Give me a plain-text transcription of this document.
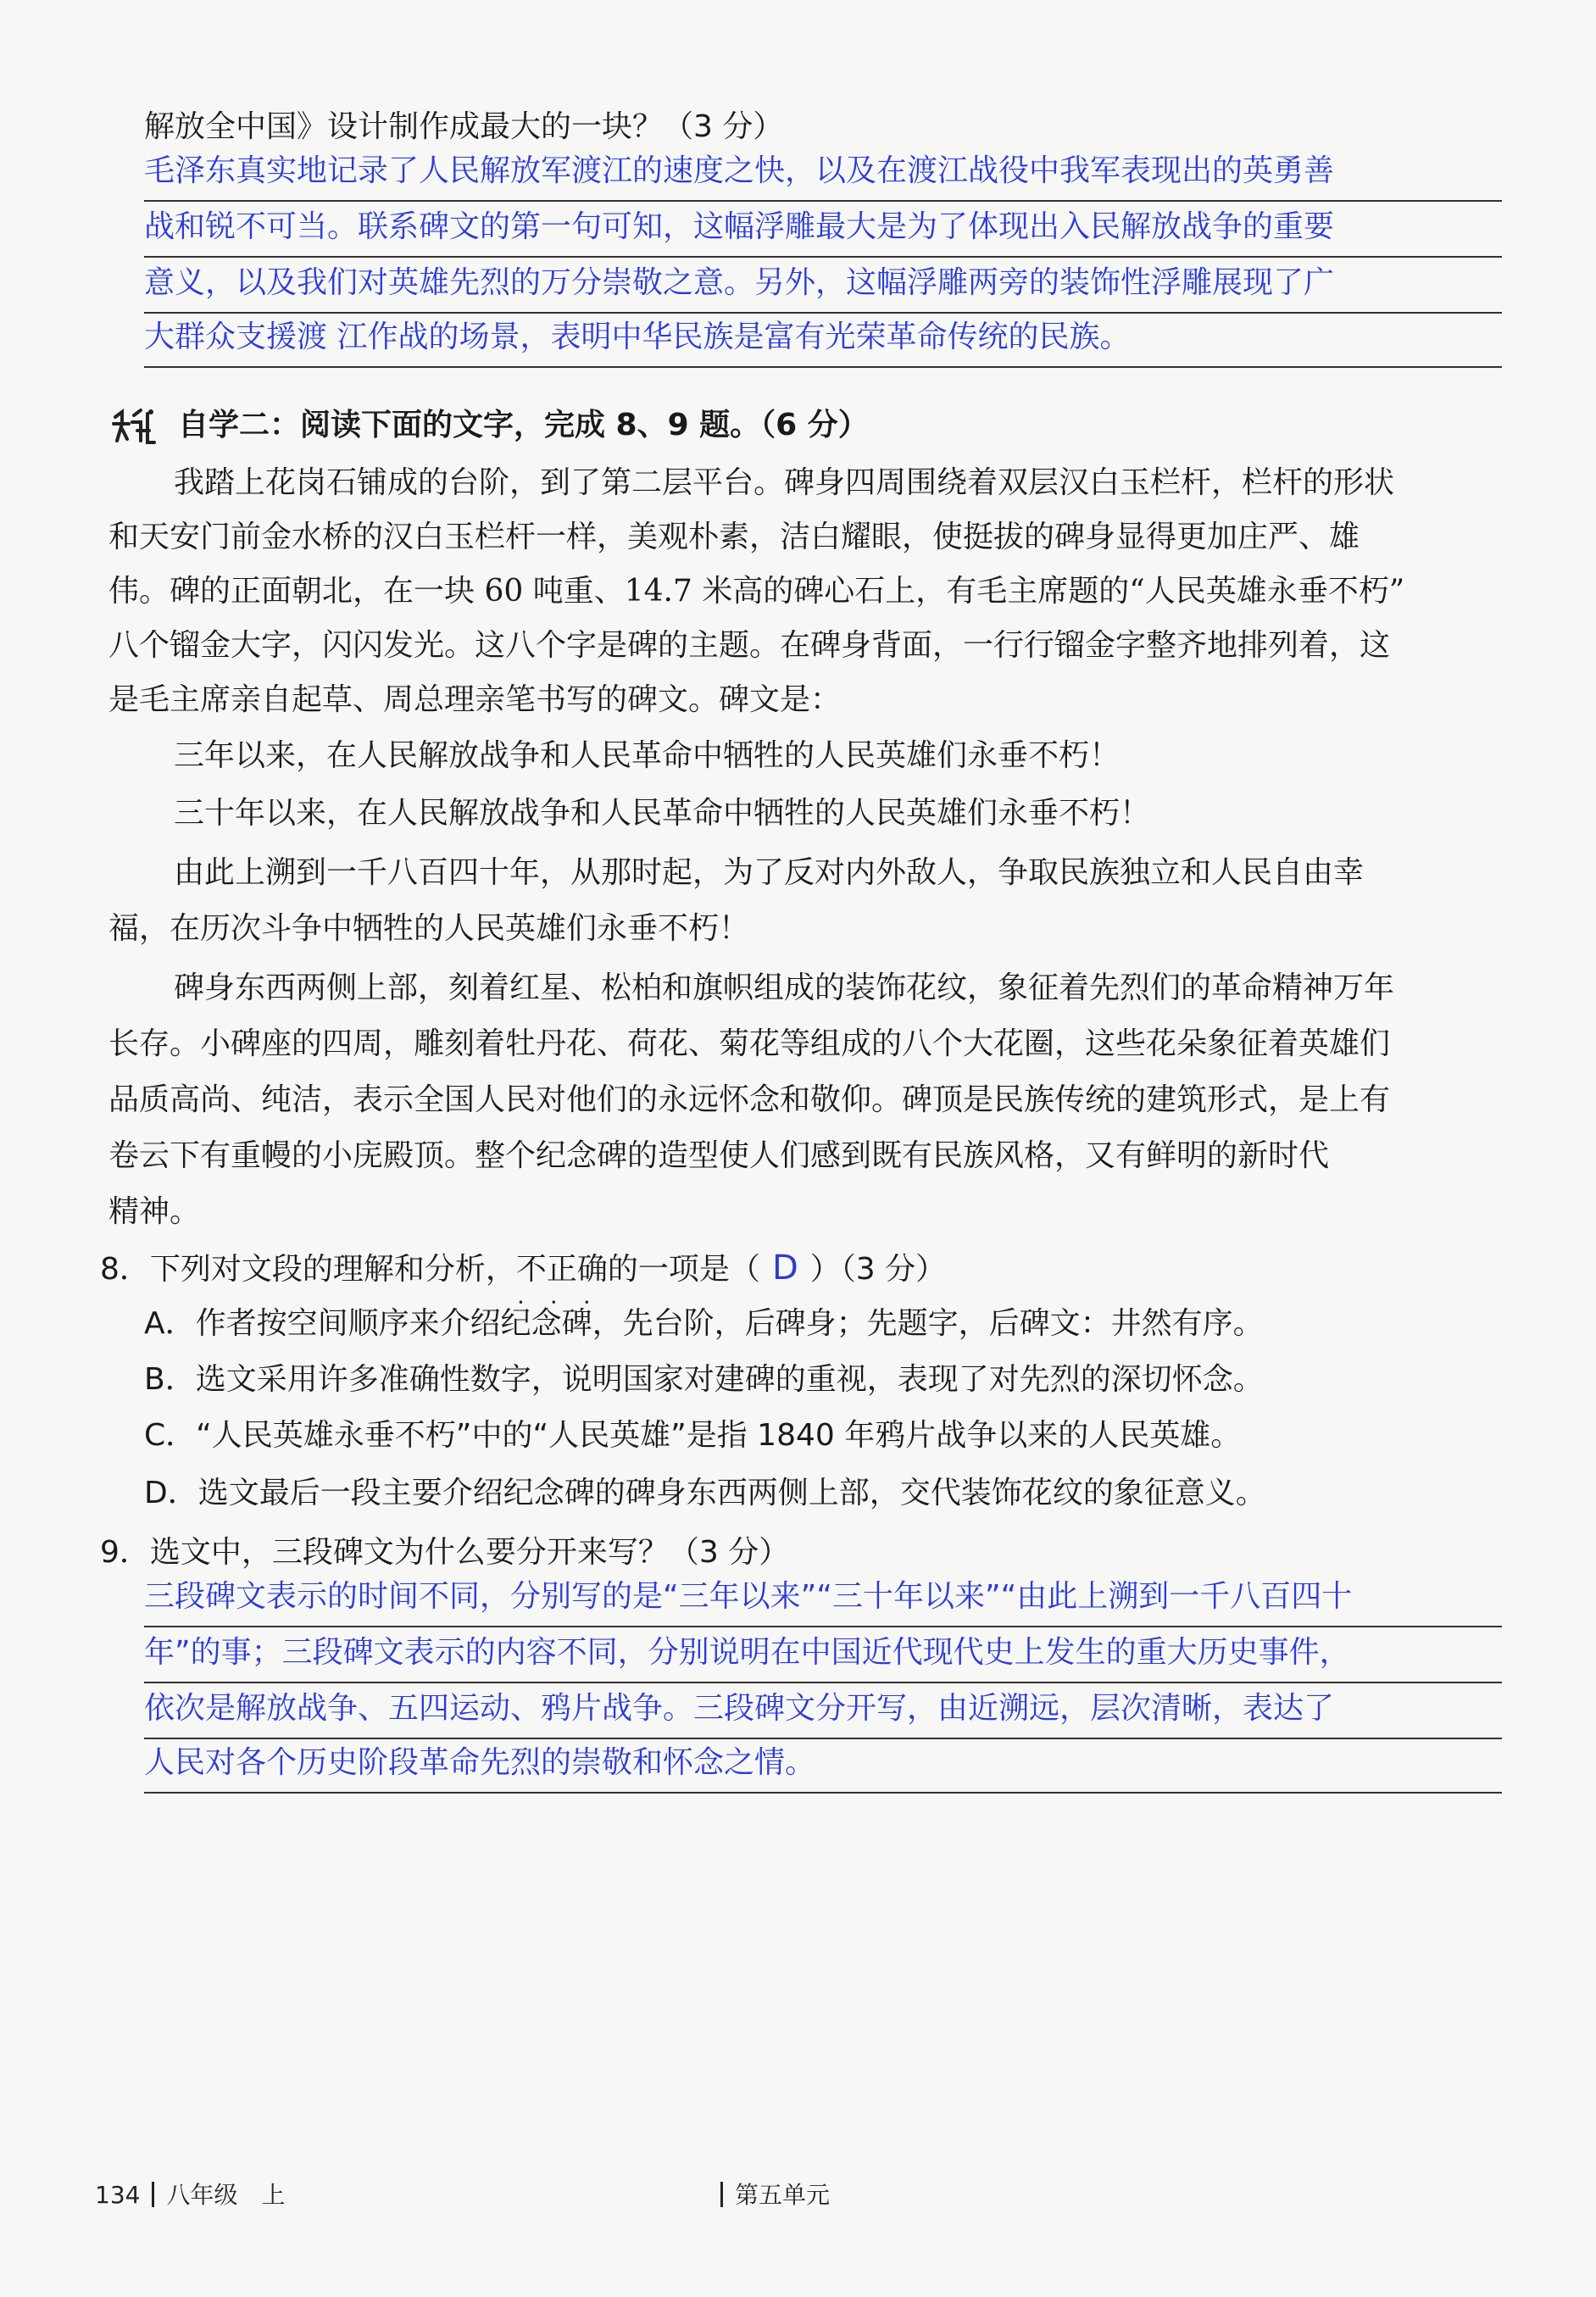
解放全中国》设计制作成最大的一块？（3 分）
毛泽东真实地记录了人民解放军渡江的速度之快，以及在渡江战役中我军表现出的英勇善
战和锐不可当。联系碑文的第一句可知，这幅浮雕最大是为了体现出入民解放战争的重要
意义，以及我们对英雄先烈的万分崇敬之意。另外，这幅浮雕两旁的装饰性浮雕展现了广
大群众支援渡 江作战的场景，表明中华民族是富有光荣革命传统的民族。
自学二：阅读下面的文字，完成 8、9 题。（6 分）
我踏上花岗石铺成的台阶，到了第二层平台。碑身四周围绕着双层汉白玉栏杆，栏杆的形状
和天安门前金水桥的汉白玉栏杆一样，美观朴素，洁白耀眼，使挺拔的碑身显得更加庄严、雄
伟。碑的正面朝北，在一块 60 吨重、14.7 米高的碑心石上，有毛主席题的“人民英雄永垂不朽”
八个镏金大字，闪闪发光。这八个字是碑的主题。在碑身背面，一行行镏金字整齐地排列着，这
是毛主席亲自起草、周总理亲笔书写的碑文。碑文是：
三年以来，在人民解放战争和人民革命中牺牲的人民英雄们永垂不朽！
三十年以来，在人民解放战争和人民革命中牺牲的人民英雄们永垂不朽！
由此上溯到一千八百四十年，从那时起，为了反对内外敌人，争取民族独立和人民自由幸
福，在历次斗争中牺牲的人民英雄们永垂不朽！
碑身东西两侧上部，刻着红星、松柏和旗帜组成的装饰花纹，象征着先烈们的革命精神万年
长存。小碑座的四周，雕刻着牡丹花、荷花、菊花等组成的八个大花圈，这些花朵象征着英雄们
品质高尚、纯洁，表示全国人民对他们的永远怀念和敬仰。碑顶是民族传统的建筑形式，是上有
卷云下有重幔的小庑殿顶。整个纪念碑的造型使人们感到既有民族风格，又有鲜明的新时代
精神。
8．下列对文段的理解和分析，不正确 • • •的一项是（ D ）（3 分）
A．作者按空间顺序来介绍纪念碑，先台阶，后碑身；先题字，后碑文：井然有序。
B．选文采用许多准确性数字，说明国家对建碑的重视，表现了对先烈的深切怀念。
C．“人民英雄永垂不朽”中的“人民英雄”是指 1840 年鸦片战争以来的人民英雄。
D．选文最后一段主要介绍纪念碑的碑身东西两侧上部，交代装饰花纹的象征意义。
9．选文中，三段碑文为什么要分开来写？（3 分）
三段碑文表示的时间不同，分别写的是“三年以来”“三十年以来”“由此上溯到一千八百四十
年”的事；三段碑文表示的内容不同，分别说明在中国近代现代史上发生的重大历史事件，
依次是解放战争、五四运动、鸦片战争。三段碑文分开写，由近溯远，层次清晰，表达了
人民对各个历史阶段革命先烈的崇敬和怀念之情。
134 八年级　上	第五单元
